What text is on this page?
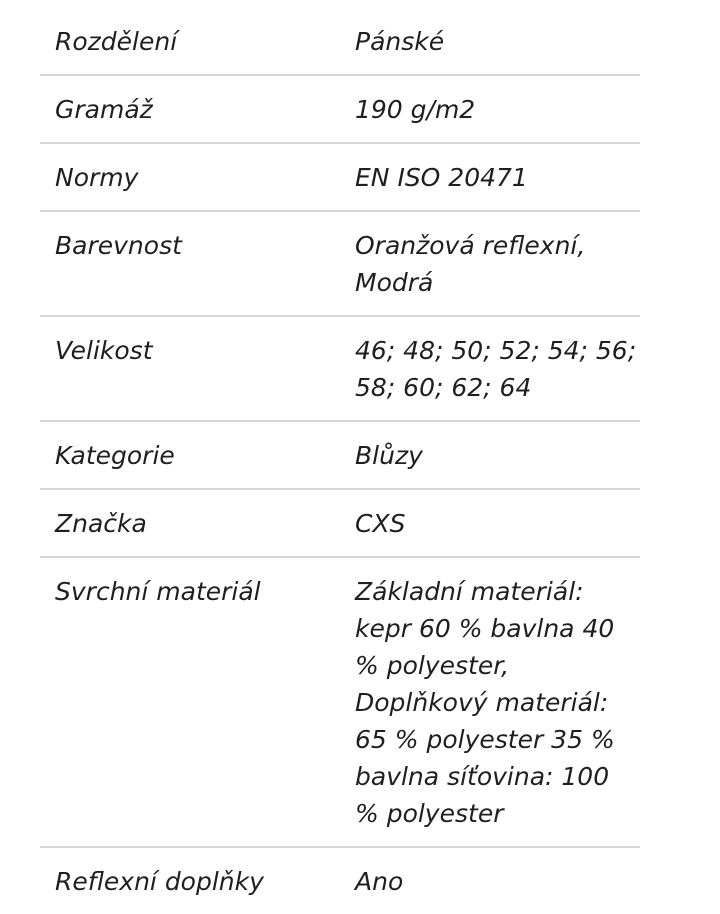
Rozdělení	Pánské
Gramáž	190 g/m2
Normy	EN ISO 20471
Barevnost	Oranžová reflexní, Modrá
Velikost	46; 48; 50; 52; 54; 56; 58; 60; 62; 64
Kategorie	Blůzy
Značka	CXS
Svrchní materiál	Základní materiál: kepr 60 % bavlna 40 % polyester, Doplňkový materiál: 65 % polyester 35 % bavlna síťovina: 100 % polyester
Reflexní doplňky	Ano
